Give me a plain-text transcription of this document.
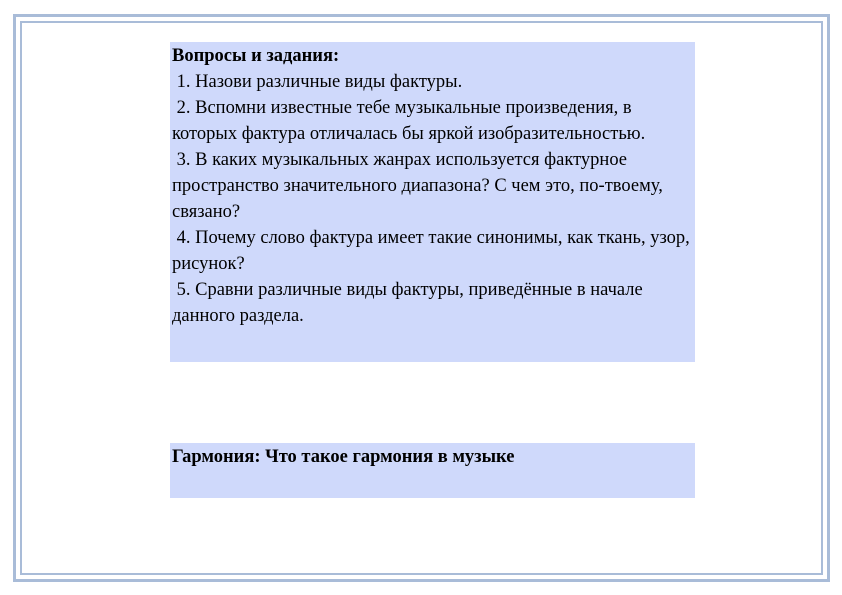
Вопросы и задания:
1. Назови различные виды фактуры.
2. Вспомни известные тебе музыкальные произведения, в которых фактура отличалась бы яркой изобразительностью.
3. В каких музыкальных жанрах используется фактурное пространство значительного диапазона? С чем это, по-твоему, связано?
4. Почему слово фактура имеет такие синонимы, как ткань, узор, рисунок?
5. Сравни различные виды фактуры, приведённые в начале данного раздела.
Гармония: Что такое гармония в музыке
